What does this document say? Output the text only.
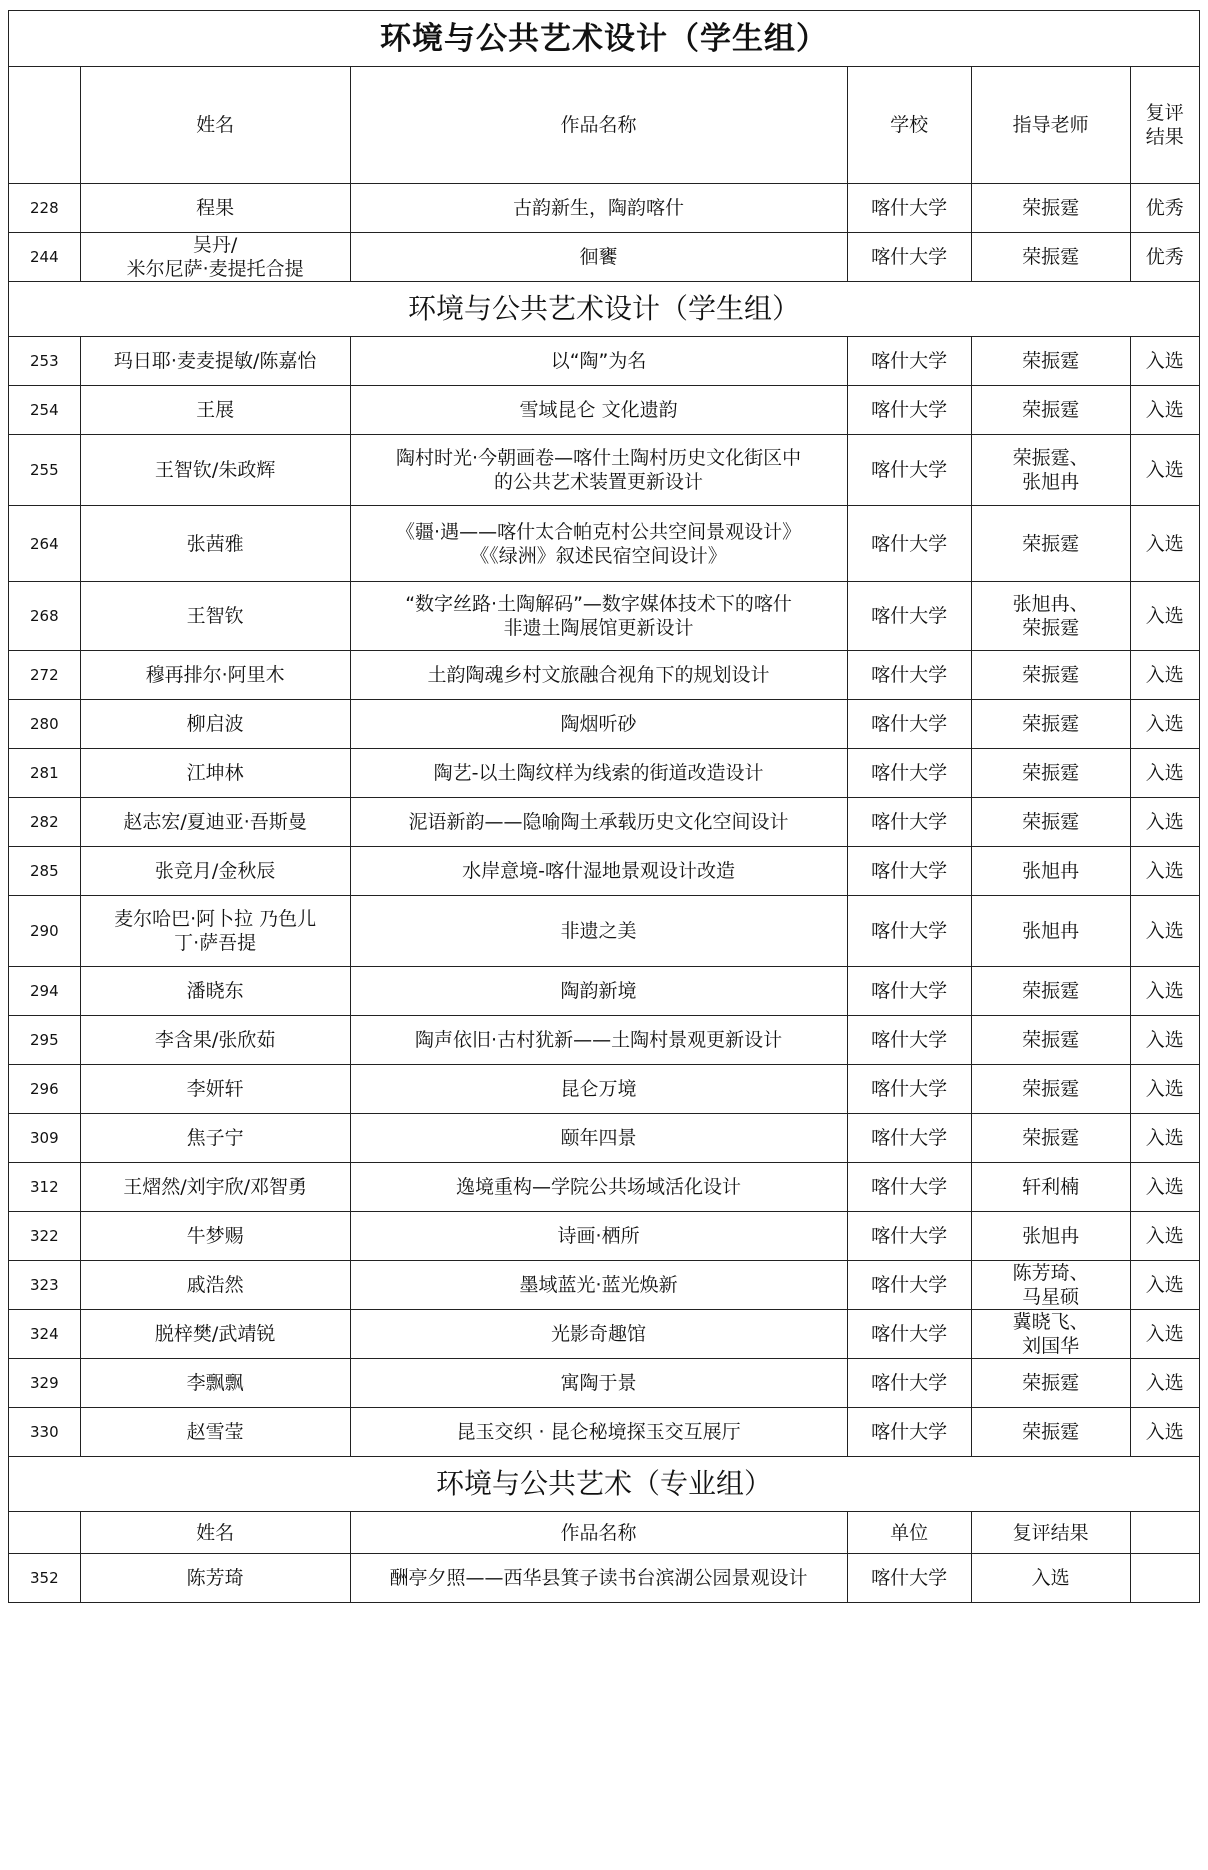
环境与公共艺术设计（学生组）					
	姓名	作品名称	学校	指导老师	复评
结果
228	程果	古韵新生，陶韵喀什	喀什大学	荣振霆	优秀
244	吴丹/
米尔尼萨·麦提托合提	徊饔	喀什大学	荣振霆	优秀
环境与公共艺术设计（学生组）					
253	玛日耶·麦麦提敏/陈嘉怡	以“陶”为名	喀什大学	荣振霆	入选
254	王展	雪域昆仑 文化遗韵	喀什大学	荣振霆	入选
255	王智钦/朱政辉	陶村时光·今朝画卷—喀什土陶村历史文化街区中
的公共艺术装置更新设计	喀什大学	荣振霆、
张旭冉	入选
264	张茜雅	《疆·遇——喀什太合帕克村公共空间景观设计》
《《绿洲》叙述民宿空间设计》	喀什大学	荣振霆	入选
268	王智钦	“数字丝路·土陶解码”—数字媒体技术下的喀什
非遗土陶展馆更新设计	喀什大学	张旭冉、
荣振霆	入选
272	穆再排尔·阿里木	土韵陶魂乡村文旅融合视角下的规划设计	喀什大学	荣振霆	入选
280	柳启波	陶烟听砂	喀什大学	荣振霆	入选
281	江坤林	陶艺-以土陶纹样为线索的街道改造设计	喀什大学	荣振霆	入选
282	赵志宏/夏迪亚·吾斯曼	泥语新韵——隐喻陶土承载历史文化空间设计	喀什大学	荣振霆	入选
285	张竞月/金秋辰	水岸意境-喀什湿地景观设计改造	喀什大学	张旭冉	入选
290	麦尔哈巴·阿卜拉 乃色儿
丁·萨吾提	非遗之美	喀什大学	张旭冉	入选
294	潘晓东	陶韵新境	喀什大学	荣振霆	入选
295	李含果/张欣茹	陶声依旧·古村犹新——土陶村景观更新设计	喀什大学	荣振霆	入选
296	李妍轩	昆仑万境	喀什大学	荣振霆	入选
309	焦子宁	颐年四景	喀什大学	荣振霆	入选
312	王熠然/刘宇欣/邓智勇	逸境重构—学院公共场域活化设计	喀什大学	轩利楠	入选
322	牛梦赐	诗画·栖所	喀什大学	张旭冉	入选
323	戚浩然	墨域蓝光·蓝光焕新	喀什大学	陈芳琦、
马星硕	入选
324	脱梓樊/武靖锐	光影奇趣馆	喀什大学	冀晓飞、
刘国华	入选
329	李飘飘	寓陶于景	喀什大学	荣振霆	入选
330	赵雪莹	昆玉交织 · 昆仑秘境探玉交互展厅	喀什大学	荣振霆	入选
环境与公共艺术（专业组）					
	姓名	作品名称	单位	复评结果	
352	陈芳琦	酬亭夕照——西华县箕子读书台滨湖公园景观设计	喀什大学	入选	
